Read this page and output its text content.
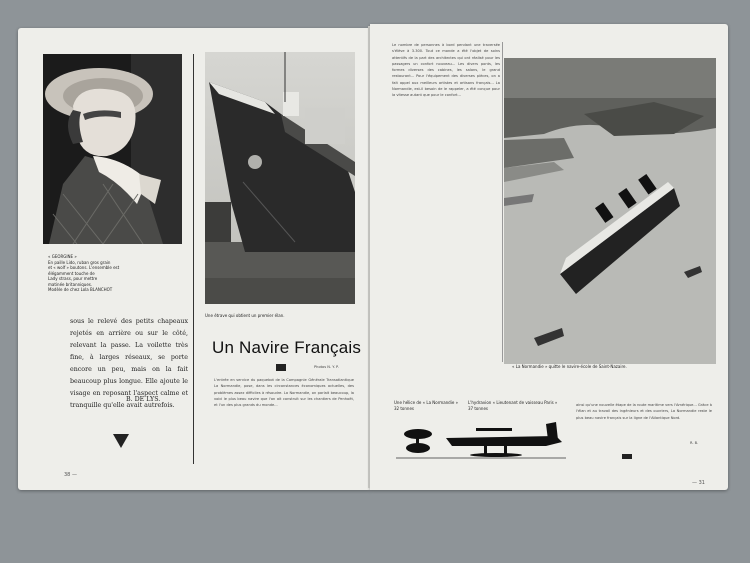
« GEORGINE »
En paille Lido, ruban gros grain
et « wolf » boutons. L'ensemble est
élégamment touche de
Lady strass, pour mettre
matinée britanniques.
Modèle de chez Lola BLANCHOT
sous le relevé des petits chapeaux rejetés en arrière ou sur le côté, relevant la passe. La voilette très fine, à larges réseaux, se porte encore un peu, mais on la fait beaucoup plus longue. Elle ajoute le visage en reposant l'aspect calme et tranquille qu'elle avait autrefois.
B. DE LYS.
Une étrave qui obtient un premier élan.
Un Navire Français
Photos N. Y. P.
L'entrée en service du paquebot de la Compagnie Générale Transatlantique La Normandie, pose, dans les circonstances économiques actuelles, des problèmes assez difficiles à résoudre. La Normandie, on parlait beaucoup, la voici le plus beau navire que l'on ait construit sur les chantiers de Penhoët, et l'un des plus grands du monde...
38 —
Le nombre de personnes à bord pendant une traversée s'élève à 3.300. Tout ce monde a été l'objet de soins attentifs de la part des architectes qui ont réalisé pour les passagers un confort nouveau... Les divers ponts, les formes diverses des cabines, les salons, le grand restaurant... Pour l'équipement des diverses pièces, on a fait appel aux meilleurs artistes et artisans français... La Normandie, est-il besoin de le rappeler, a été conçue pour la vitesse autant que pour le confort...
« La Normandie » quitte le navire-école de Saint-Nazaire.
Une hélice de « La Normandie »
32 tonnes
L'hydravion « Lieutenant de vaisseau Paris »
37 tonnes
ainsi qu'une nouvelle étape de la route maritime vers l'Amérique... Grâce à l'élan et au travail des ingénieurs et des ouvriers, La Normandie reste le plus beau navire français sur la ligne de l'Atlantique Nord.
R. B.
— 31
